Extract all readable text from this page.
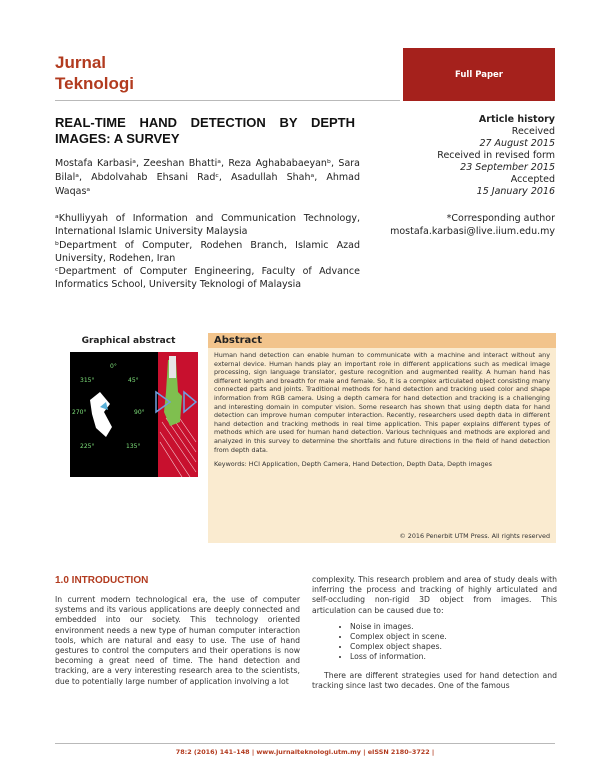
Jurnal
Teknologi	Full Paper
REAL-TIME HAND DETECTION BY DEPTH IMAGES: A SURVEY
Mostafa Karbasiᵃ, Zeeshan Bhattiᵃ, Reza Aghababaeyanᵇ, Sara Bilalᵃ, Abdolvahab Ehsani Radᶜ, Asadullah Shahᵃ, Ahmad Waqasᵃ
ᵃKhulliyyah of Information and Communication Technology, International Islamic University Malaysia
ᵇDepartment of Computer, Rodehen Branch, Islamic Azad University, Rodehen, Iran
ᶜDepartment of Computer Engineering, Faculty of Advance Informatics School, University Teknologi of Malaysia
Article history
Received
27 August 2015
Received in revised form
23 September 2015
Accepted
15 January 2016
*Corresponding author
mostafa.karbasi@live.iium.edu.my
Graphical abstract
0°
315°	45°
270°	90°
225°	135°
Abstract
Human hand detection can enable human to communicate with a machine and interact without any external device. Human hands play an important role in different applications such as medical image processing, sign language translator, gesture recognition and augmented reality. A human hand has different length and breadth for male and female. So, it is a complex articulated object consisting many connected parts and joints. Traditional methods for hand detection and tracking used color and shape information from RGB camera. Using a depth camera for hand detection and tracking is a challenging and interesting domain in computer vision. Some research has shown that using depth data for hand detection can improve human computer interaction. Recently, researchers used depth data in different hand detection and tracking methods in real time application. This paper explains different types of methods which are used for human hand detection. Various techniques and methods are explored and analyzed in this survey to determine the shortfalls and future directions in the field of hand detection from depth data.
Keywords: HCI Application, Depth Camera, Hand Detection, Depth Data, Depth images
© 2016 Penerbit UTM Press. All rights reserved
1.0 INTRODUCTION
In current modern technological era, the use of computer systems and its various applications are deeply connected and embedded into our society. This technology oriented environment needs a new type of human computer interaction tools, which are natural and easy to use. The use of hand gestures to control the computers and their operations is now becoming a great need of time. The hand detection and tracking, are a very interesting research area to the scientists, due to potentially large number of application involving a lot
complexity. This research problem and area of study deals with inferring the process and tracking of highly articulated and self-occluding non-rigid 3D object from images. This articulation can be caused due to:
• Noise in images.
• Complex object in scene.
• Complex object shapes.
• Loss of information.
There are different strategies used for hand detection and tracking since last two decades. One of the famous
78:2 (2016) 141–148 | www.jurnalteknologi.utm.my | eISSN 2180–3722 |
